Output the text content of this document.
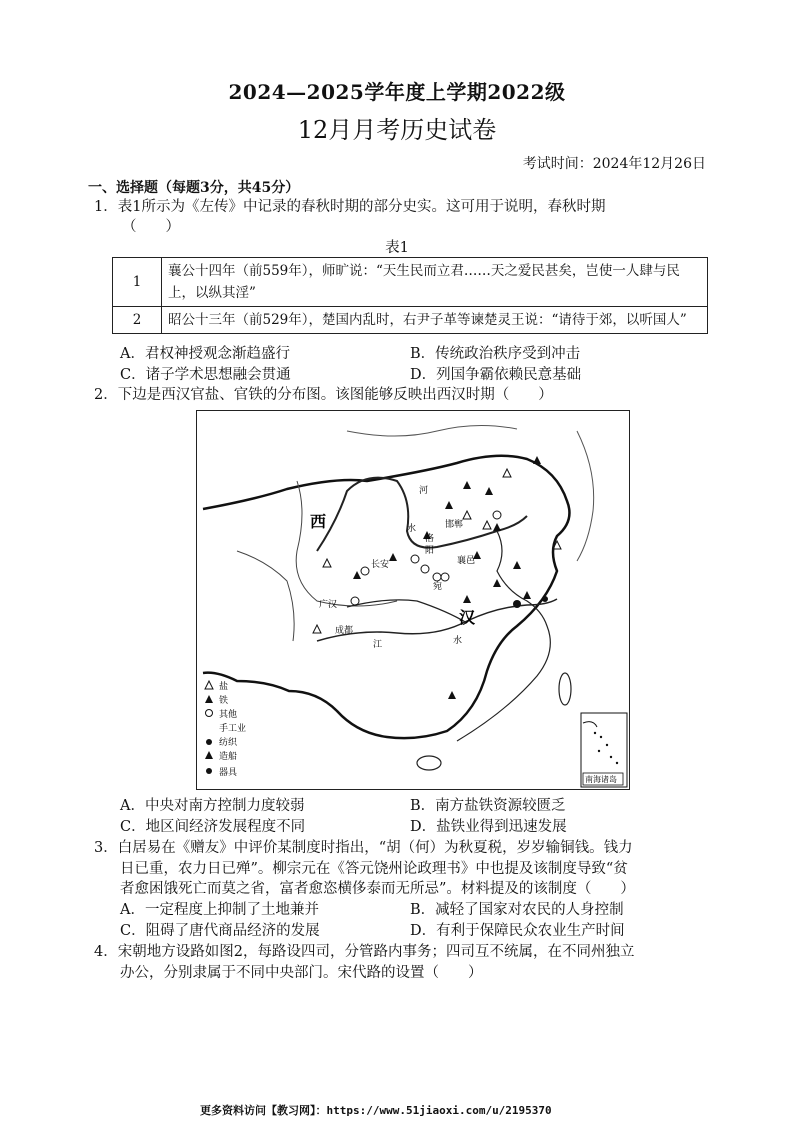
2024—2025学年度上学期2022级
12月月考历史试卷
考试时间：2024年12月26日
一、选择题（每题3分，共45分）
1．表1所示为《左传》中记录的春秋时期的部分史实。这可用于说明，春秋时期
（　　）
表1
1	襄公十四年（前559年），师旷说：“天生民而立君……天之爱民甚矣，岂使一人肆与民上，以纵其淫”
2	昭公十三年（前529年），楚国内乱时，右尹子革等谏楚灵王说：“请待于郊，以听国人”
A．君权神授观念渐趋盛行	B．传统政治秩序受到冲击
C．诸子学术思想融会贯通	D．列国争霸依赖民意基础
2．下边是西汉官盐、官铁的分布图。该图能够反映出西汉时期（　　）
西
汉
长安
成都
广汉
洛
阳
宛
邯郸
襄邑
河
水
江	水
盐
铁
其他
手工业
纺织
造船
器具
南海诸岛
A．中央对南方控制力度较弱	B．南方盐铁资源较匮乏
C．地区间经济发展程度不同	D．盐铁业得到迅速发展
3．白居易在《赠友》中评价某制度时指出，“胡（何）为秋夏税，岁岁输铜钱。钱力
日已重，农力日已殚”。柳宗元在《答元饶州论政理书》中也提及该制度导致“贫
者愈困饿死亡而莫之省，富者愈恣横侈泰而无所忌”。材料提及的该制度（　　）
A．一定程度上抑制了土地兼并	B．减轻了国家对农民的人身控制
C．阻碍了唐代商品经济的发展	D．有利于保障民众农业生产时间
4．宋朝地方设路如图2，每路设四司，分管路内事务；四司互不统属，在不同州独立
办公，分别隶属于不同中央部门。宋代路的设置（　　）
更多资料访问【教习网】：https://www.51jiaoxi.com/u/2195370
